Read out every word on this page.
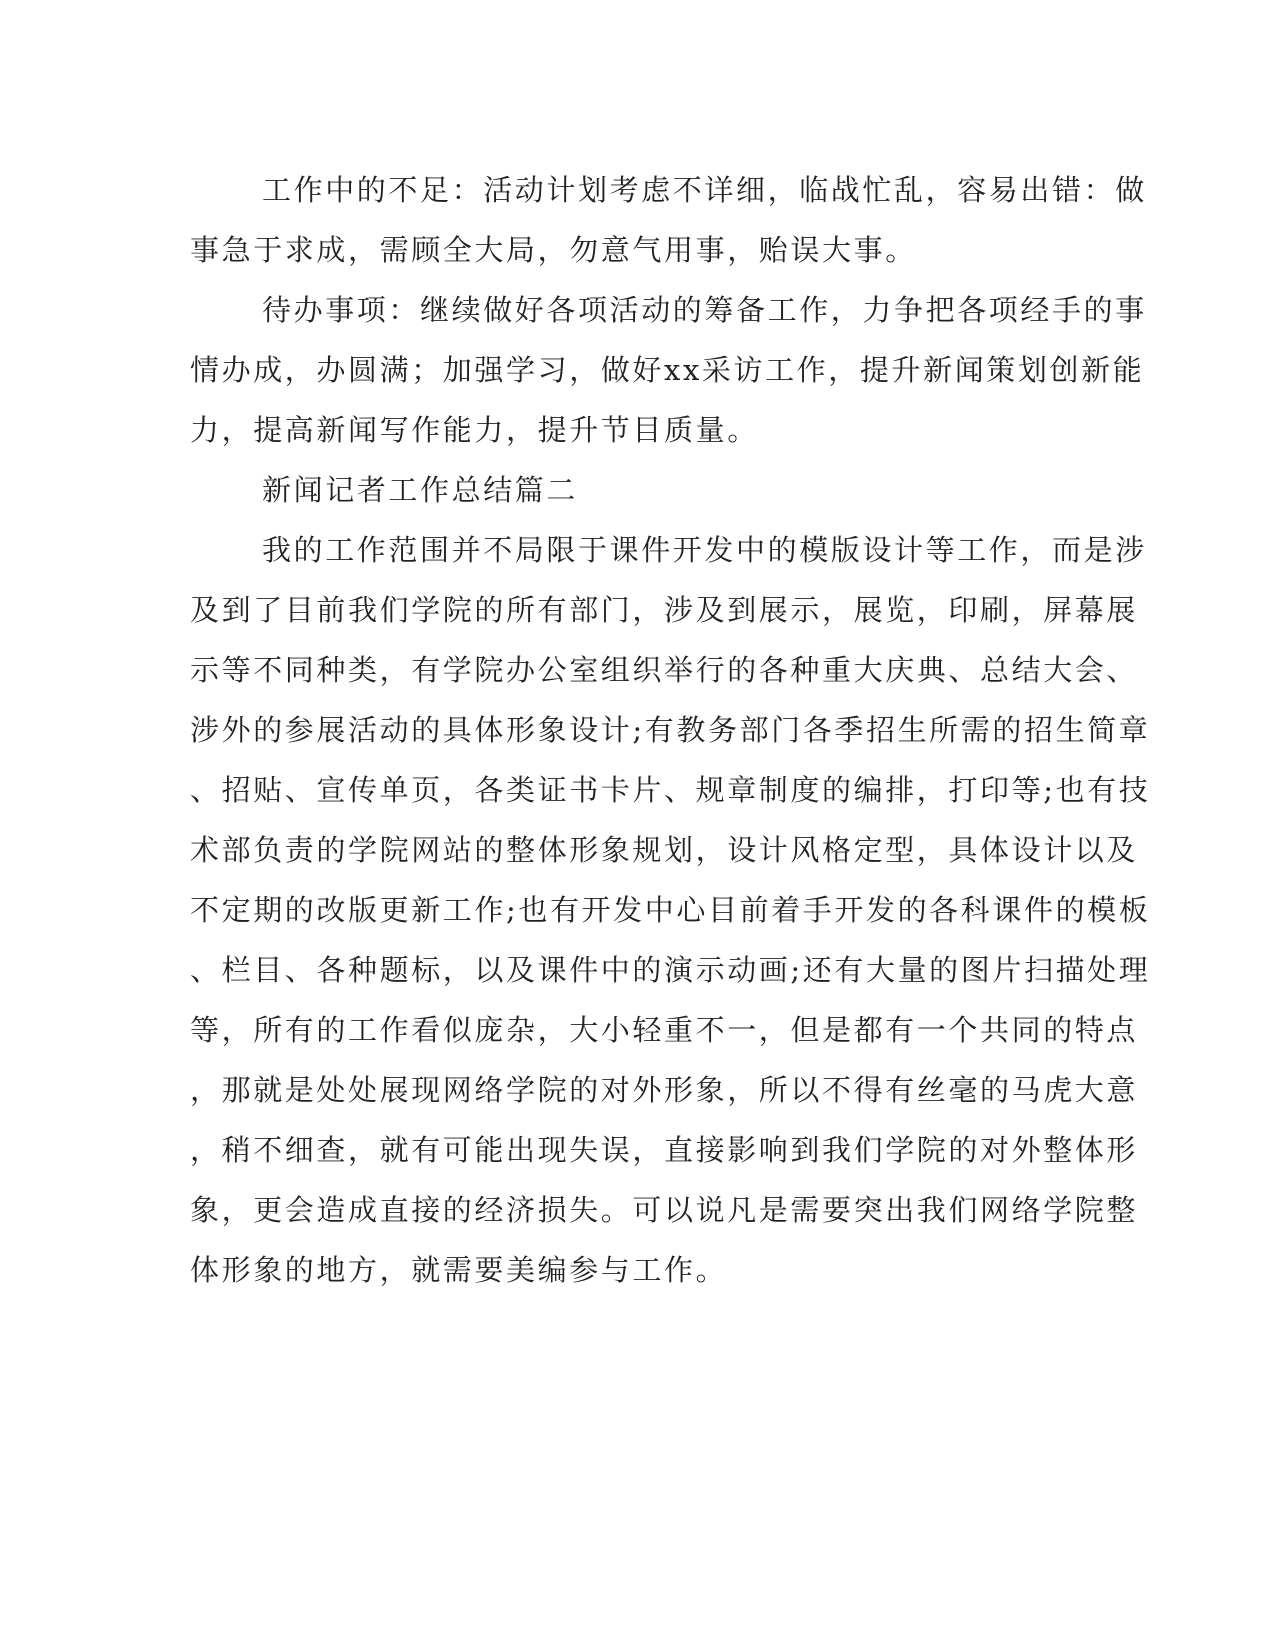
工作中的不足：活动计划考虑不详细，临战忙乱，容易出错：做
事急于求成，需顾全大局，勿意气用事，贻误大事。
待办事项：继续做好各项活动的筹备工作，力争把各项经手的事
情办成，办圆满；加强学习，做好xx采访工作，提升新闻策划创新能
力，提高新闻写作能力，提升节目质量。
新闻记者工作总结篇二
我的工作范围并不局限于课件开发中的模版设计等工作，而是涉
及到了目前我们学院的所有部门，涉及到展示，展览，印刷，屏幕展
示等不同种类，有学院办公室组织举行的各种重大庆典、总结大会、
涉外的参展活动的具体形象设计;有教务部门各季招生所需的招生简章
、招贴、宣传单页，各类证书卡片、规章制度的编排，打印等;也有技
术部负责的学院网站的整体形象规划，设计风格定型，具体设计以及
不定期的改版更新工作;也有开发中心目前着手开发的各科课件的模板
、栏目、各种题标，以及课件中的演示动画;还有大量的图片扫描处理
等，所有的工作看似庞杂，大小轻重不一，但是都有一个共同的特点
，那就是处处展现网络学院的对外形象，所以不得有丝毫的马虎大意
，稍不细查，就有可能出现失误，直接影响到我们学院的对外整体形
象，更会造成直接的经济损失。可以说凡是需要突出我们网络学院整
体形象的地方，就需要美编参与工作。
